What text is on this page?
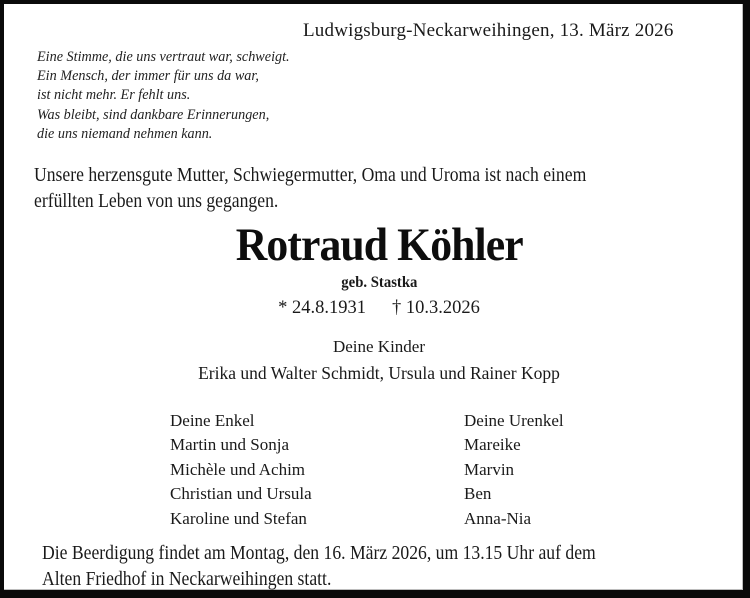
Ludwigsburg-Neckarweihingen, 13. März 2026
Eine Stimme, die uns vertraut war, schweigt.
Ein Mensch, der immer für uns da war,
ist nicht mehr. Er fehlt uns.
Was bleibt, sind dankbare Erinnerungen,
die uns niemand nehmen kann.
Unsere herzensgute Mutter, Schwiegermutter, Oma und Uroma ist nach einem
erfüllten Leben von uns gegangen.
Rotraud Köhler
geb. Stastka
* 24.8.1931 † 10.3.2026
Deine Kinder
Erika und Walter Schmidt, Ursula und Rainer Kopp
Deine Enkel
Martin und Sonja
Michèle und Achim
Christian und Ursula
Karoline und Stefan
Deine Urenkel
Mareike
Marvin
Ben
Anna-Nia
Die Beerdigung findet am Montag, den 16. März 2026, um 13.15 Uhr auf dem
Alten Friedhof in Neckarweihingen statt.
